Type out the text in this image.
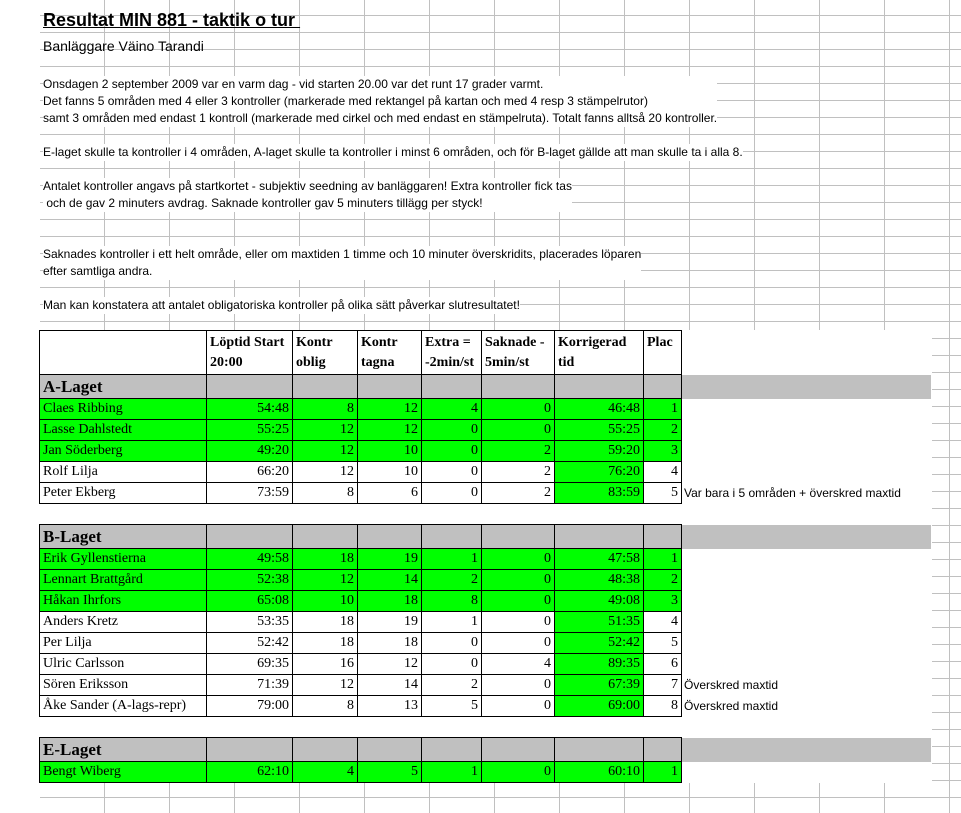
Resultat MIN 881 - taktik o tur
Banläggare Väino Tarandi
Onsdagen 2 september 2009 var en varm dag - vid starten 20.00 var det runt 17 grader varmt.
Det fanns 5 områden med 4 eller 3 kontroller (markerade med rektangel på kartan och med 4 resp 3 stämpelrutor)
samt 3 områden med endast 1 kontroll (markerade med cirkel och med endast en stämpelruta). Totalt fanns alltså 20 kontroller.
E-laget skulle ta kontroller i 4 områden, A-laget skulle ta kontroller i minst 6 områden, och för B-laget gällde att man skulle ta i alla 8.
Antalet kontroller angavs på startkortet - subjektiv seedning av banläggaren! Extra kontroller fick tas
och de gav 2 minuters avdrag. Saknade kontroller gav 5 minuters tillägg per styck!
Saknades kontroller i ett helt område, eller om maxtiden 1 timme och 10 minuter överskridits, placerades löparen
efter samtliga andra.
Man kan konstatera att antalet obligatoriska kontroller på olika sätt påverkar slutresultatet!
	Löptid Start 20:00	Kontr oblig	Kontr tagna	Extra = -2min/st	Saknade - 5min/st	Korrigerad tid	Plac	
A-Laget								
Claes Ribbing	54:48	8	12	4	0	46:48	1	
Lasse Dahlstedt	55:25	12	12	0	0	55:25	2	
Jan Söderberg	49:20	12	10	0	2	59:20	3	
Rolf Lilja	66:20	12	10	0	2	76:20	4	
Peter Ekberg	73:59	8	6	0	2	83:59	5	Var bara i 5 områden + överskred maxtid

B-Laget								
Erik Gyllenstierna	49:58	18	19	1	0	47:58	1	
Lennart Brattgård	52:38	12	14	2	0	48:38	2	
Håkan Ihrfors	65:08	10	18	8	0	49:08	3	
Anders Kretz	53:35	18	19	1	0	51:35	4	
Per Lilja	52:42	18	18	0	0	52:42	5	
Ulric Carlsson	69:35	16	12	0	4	89:35	6	
Sören Eriksson	71:39	12	14	2	0	67:39	7	Överskred maxtid
Åke Sander (A-lags-repr)	79:00	8	13	5	0	69:00	8	Överskred maxtid

E-Laget								
Bengt Wiberg	62:10	4	5	1	0	60:10	1	
